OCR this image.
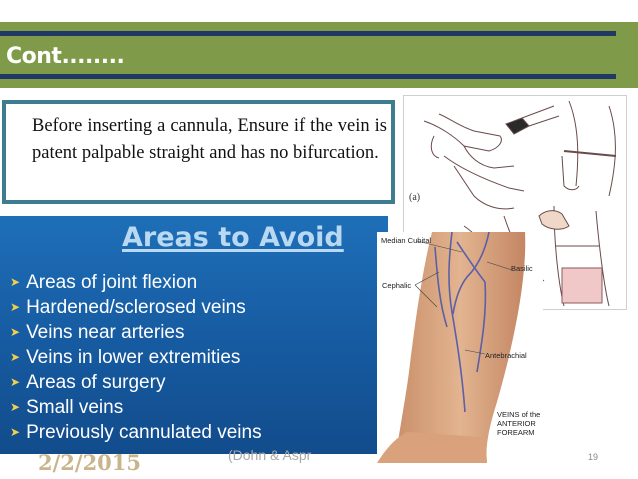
Cont........

Before inserting a cannula, Ensure if the vein is patent palpable straight and has no bifurcation.

(a)
Areas to Avoid
➤ Areas of joint flexion
➤ Hardened/sclerosed veins
➤ Veins near arteries
➤ Veins in lower extremities
➤ Areas of surgery
➤ Small veins
➤ Previously cannulated veins
Median Cubital
Cephalic
Basilic
Antebrachial
VEINS of the
ANTERIOR
FOREARM
2/2/2015	(Dohn & Aspr	19
